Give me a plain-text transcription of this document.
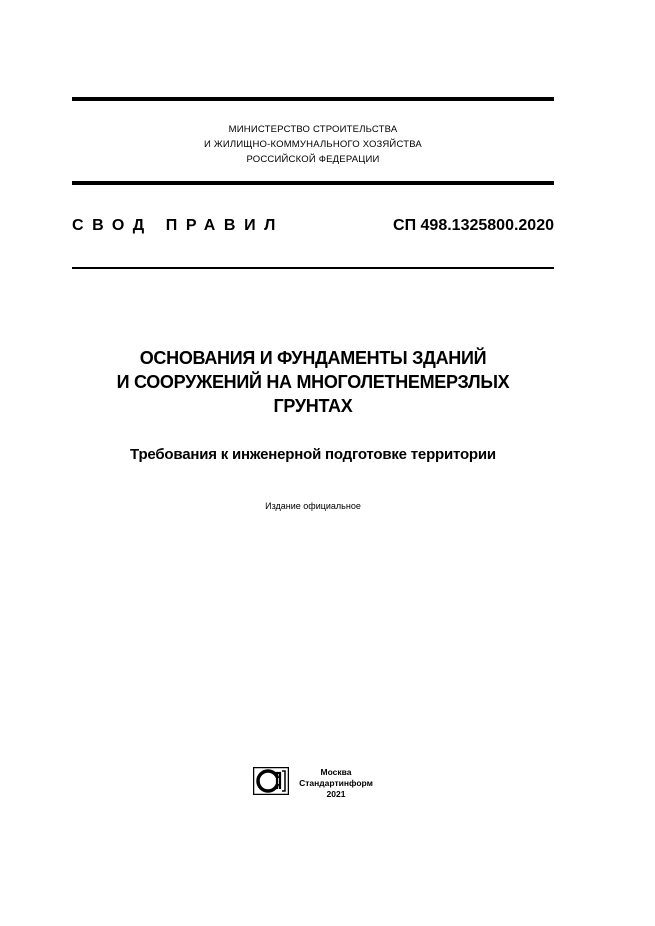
МИНИСТЕРСТВО СТРОИТЕЛЬСТВА
И ЖИЛИЩНО-КОММУНАЛЬНОГО ХОЗЯЙСТВА
РОССИЙСКОЙ ФЕДЕРАЦИИ
СВОД ПРАВИЛ	СП 498.1325800.2020
ОСНОВАНИЯ И ФУНДАМЕНТЫ ЗДАНИЙ
И СООРУЖЕНИЙ НА МНОГОЛЕТНЕМЕРЗЛЫХ
ГРУНТАХ
Требования к инженерной подготовке территории
Издание официальное
Москва
Стандартинформ
2021
